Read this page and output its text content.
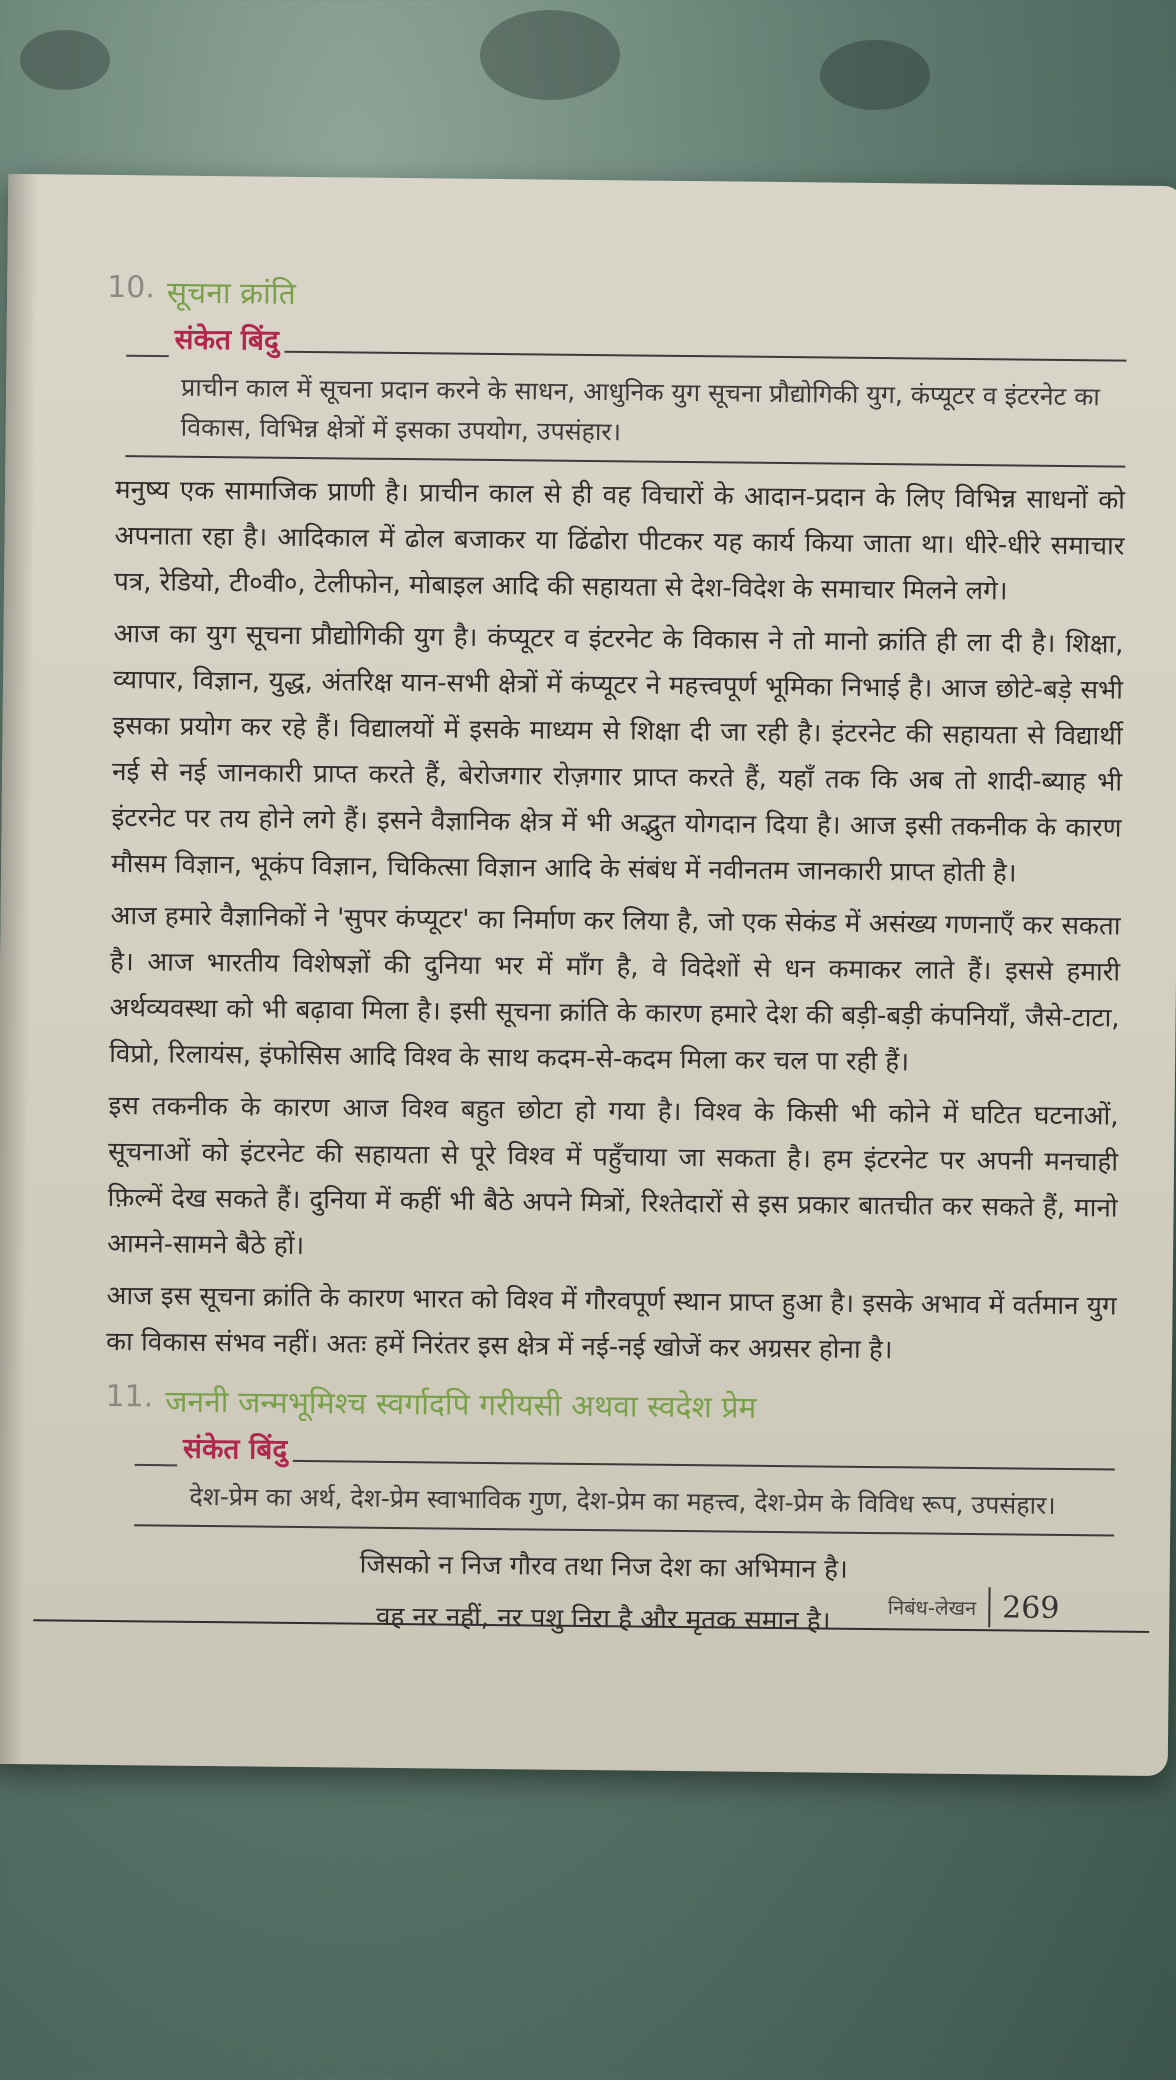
10. सूचना क्रांति
___ संकेत बिंदु
प्राचीन काल में सूचना प्रदान करने के साधन, आधुनिक युग सूचना प्रौद्योगिकी युग, कंप्यूटर व इंटरनेट का विकास, विभिन्न क्षेत्रों में इसका उपयोग, उपसंहार।

मनुष्य एक सामाजिक प्राणी है। प्राचीन काल से ही वह विचारों के आदान-प्रदान के लिए विभिन्न साधनों को अपनाता रहा है। आदिकाल में ढोल बजाकर या ढिंढोरा पीटकर यह कार्य किया जाता था। धीरे-धीरे समाचार पत्र, रेडियो, टी०वी०, टेलीफोन, मोबाइल आदि की सहायता से देश-विदेश के समाचार मिलने लगे।

आज का युग सूचना प्रौद्योगिकी युग है। कंप्यूटर व इंटरनेट के विकास ने तो मानो क्रांति ही ला दी है। शिक्षा, व्यापार, विज्ञान, युद्ध, अंतरिक्ष यान-सभी क्षेत्रों में कंप्यूटर ने महत्त्वपूर्ण भूमिका निभाई है। आज छोटे-बड़े सभी इसका प्रयोग कर रहे हैं। विद्यालयों में इसके माध्यम से शिक्षा दी जा रही है। इंटरनेट की सहायता से विद्यार्थी नई से नई जानकारी प्राप्त करते हैं, बेरोजगार रोज़गार प्राप्त करते हैं, यहाँ तक कि अब तो शादी-ब्याह भी इंटरनेट पर तय होने लगे हैं। इसने वैज्ञानिक क्षेत्र में भी अद्भुत योगदान दिया है। आज इसी तकनीक के कारण मौसम विज्ञान, भूकंप विज्ञान, चिकित्सा विज्ञान आदि के संबंध में नवीनतम जानकारी प्राप्त होती है।

आज हमारे वैज्ञानिकों ने 'सुपर कंप्यूटर' का निर्माण कर लिया है, जो एक सेकंड में असंख्य गणनाएँ कर सकता है। आज भारतीय विशेषज्ञों की दुनिया भर में माँग है, वे विदेशों से धन कमाकर लाते हैं। इससे हमारी अर्थव्यवस्था को भी बढ़ावा मिला है। इसी सूचना क्रांति के कारण हमारे देश की बड़ी-बड़ी कंपनियाँ, जैसे-टाटा, विप्रो, रिलायंस, इंफोसिस आदि विश्व के साथ कदम-से-कदम मिला कर चल पा रही हैं।

इस तकनीक के कारण आज विश्व बहुत छोटा हो गया है। विश्व के किसी भी कोने में घटित घटनाओं, सूचनाओं को इंटरनेट की सहायता से पूरे विश्व में पहुँचाया जा सकता है। हम इंटरनेट पर अपनी मनचाही फ़िल्में देख सकते हैं। दुनिया में कहीं भी बैठे अपने मित्रों, रिश्तेदारों से इस प्रकार बातचीत कर सकते हैं, मानो आमने-सामने बैठे हों।

आज इस सूचना क्रांति के कारण भारत को विश्व में गौरवपूर्ण स्थान प्राप्त हुआ है। इसके अभाव में वर्तमान युग का विकास संभव नहीं। अतः हमें निरंतर इस क्षेत्र में नई-नई खोजें कर अग्रसर होना है।

11. जननी जन्मभूमिश्च स्वर्गादपि गरीयसी अथवा स्वदेश प्रेम
___ संकेत बिंदु
देश-प्रेम का अर्थ, देश-प्रेम स्वाभाविक गुण, देश-प्रेम का महत्त्व, देश-प्रेम के विविध रूप, उपसंहार।
जिसको न निज गौरव तथा निज देश का अभिमान है।
वह नर नहीं, नर पशु निरा है और मृतक समान है।	निबंध-लेखन 269
